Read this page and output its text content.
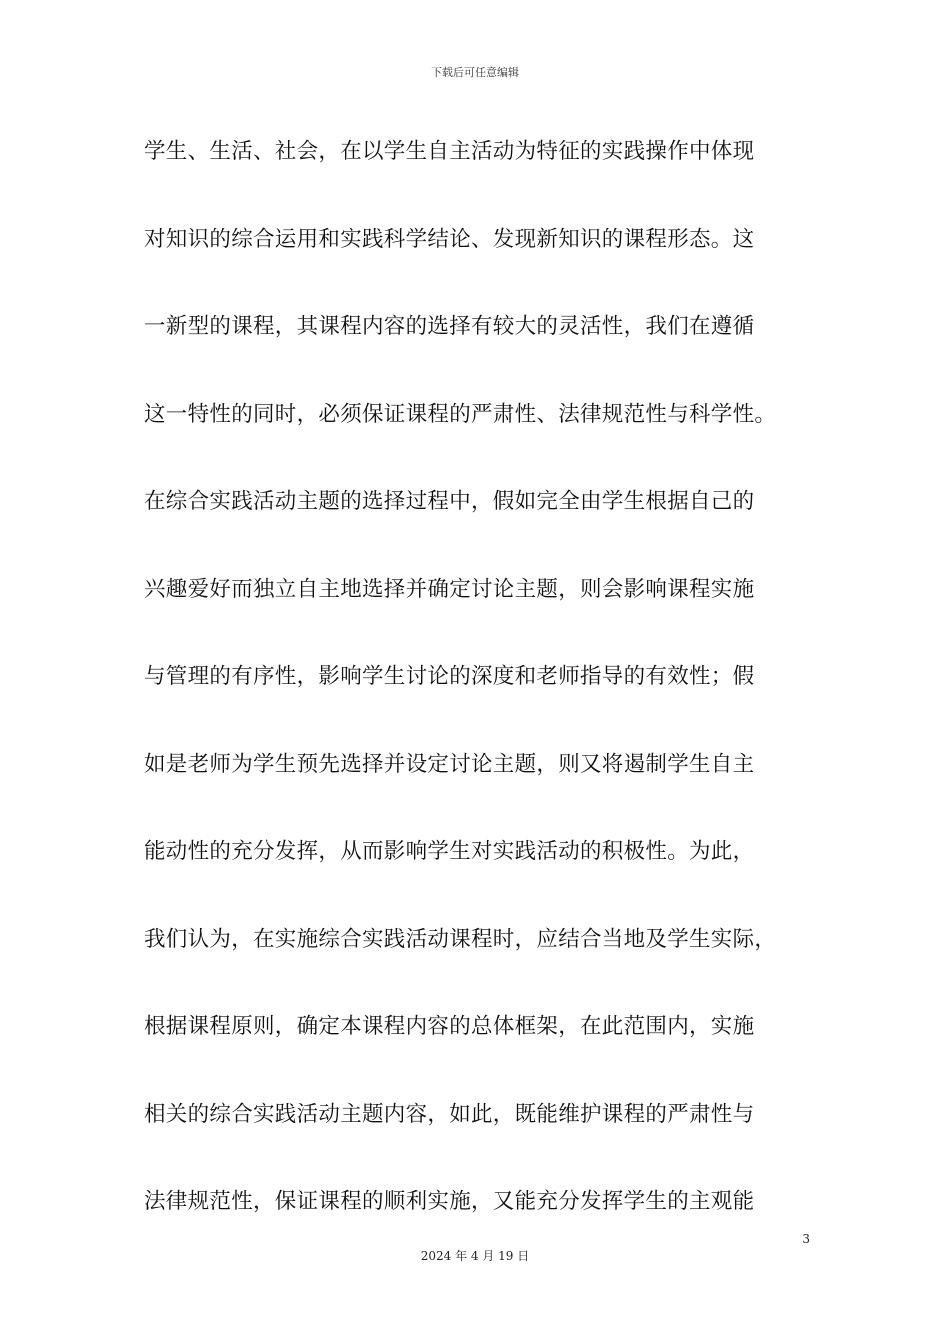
下载后可任意编辑
学生、生活、社会，在以学生自主活动为特征的实践操作中体现
对知识的综合运用和实践科学结论、发现新知识的课程形态。这
一新型的课程，其课程内容的选择有较大的灵活性，我们在遵循
这一特性的同时，必须保证课程的严肃性、法律规范性与科学性。
在综合实践活动主题的选择过程中，假如完全由学生根据自己的
兴趣爱好而独立自主地选择并确定讨论主题，则会影响课程实施
与管理的有序性，影响学生讨论的深度和老师指导的有效性；假
如是老师为学生预先选择并设定讨论主题，则又将遏制学生自主
能动性的充分发挥，从而影响学生对实践活动的积极性。为此，
我们认为，在实施综合实践活动课程时，应结合当地及学生实际，
根据课程原则，确定本课程内容的总体框架，在此范围内，实施
相关的综合实践活动主题内容，如此，既能维护课程的严肃性与
法律规范性，保证课程的顺利实施，又能充分发挥学生的主观能
3
2024 年 4 月 19 日
